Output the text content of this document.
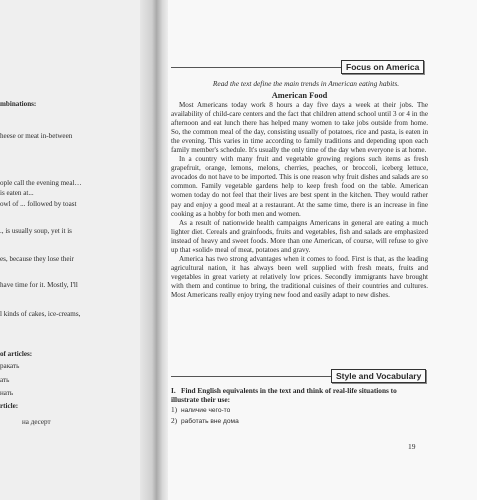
mbinations:
heese or meat in-between
ople call the evening meal…
is eaten at...
owl of ... followed by toast
., is usually soup, yet it is
es, because they lose their
have time for it. Mostly, I'll
l kinds of cakes, ice-creams,
of articles:
ракать
ать
нать
rticle:
на десерт
Focus on America
Read the text define the main trends in American eating habits.
American Food

Most Americans today work 8 hours a day five days a week at their jobs. The availability of child-care centers and the fact that children attend school until 3 or 4 in the afternoon and eat lunch there has helped many women to take jobs outside from home. So, the common meal of the day, consisting usually of potatoes, rice and pasta, is eaten in the evening. This varies in time according to family traditions and depending upon each family member's schedule. It's usually the only time of the day when everyone is at home.

In a country with many fruit and vegetable growing regions such items as fresh grapefruit, orange, lemons, melons, cherries, peaches, or broccoli, iceberg lettuce, avocados do not have to be imported. This is one reason why fruit dishes and salads are so common. Family vegetable gardens help to keep fresh food on the table. American women today do not feel that their lives are best spent in the kitchen. They would rather pay and enjoy a good meal at a restaurant. At the same time, there is an increase in fine cooking as a hobby for both men and women.

As a result of nationwide health campaigns Americans in general are eating a much lighter diet. Cereals and grainfoods, fruits and vegetables, fish and salads are emphasized instead of heavy and sweet foods. More than one American, of course, will refuse to give up that «solid» meal of meat, potatoes and gravy.

America has two strong advantages when it comes to food. First is that, as the leading agricultural nation, it has always been well supplied with fresh meats, fruits and vegetables in great variety at relatively low prices. Secondly immigrants have brought with them and continue to bring, the traditional cuisines of their countries and cultures. Most Americans really enjoy trying new food and easily adapt to new dishes.

Style and Vocabulary
I. Find English equivalents in the text and think of real-life situations to illustrate their use:
1) наличие чего-то
2) работать вне дома
19
